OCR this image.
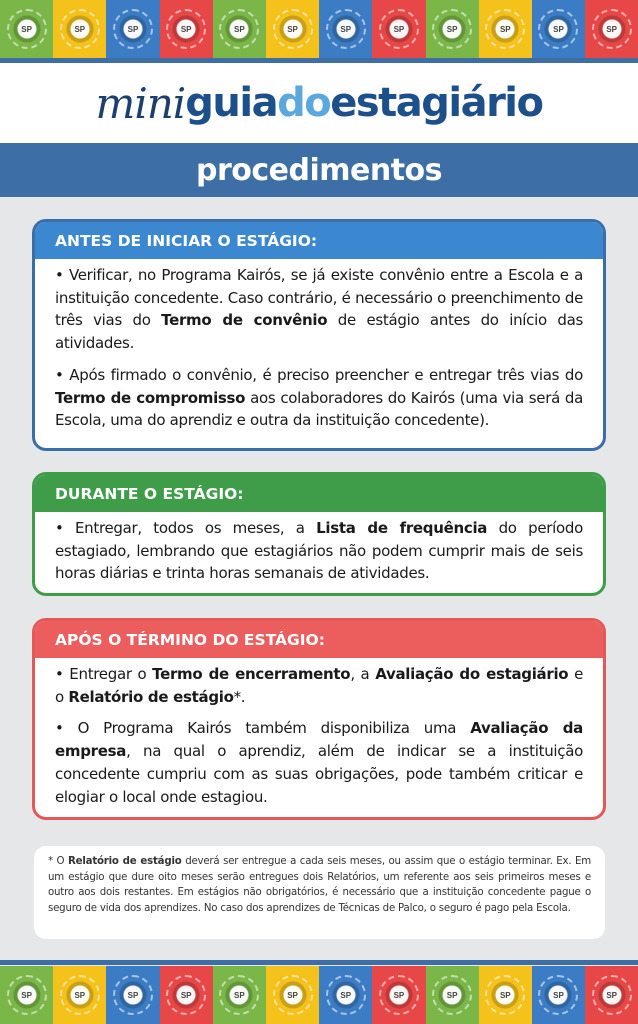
SP	SP	SP	SP	SP	SP	SP	SP	SP	SP	SP	SP
mini guia do estagiário
procedimentos
ANTES DE INICIAR O ESTÁGIO:

• Verificar, no Programa Kairós, se já existe convênio entre a Escola e a instituição concedente. Caso contrário, é necessário o preenchimento de três vias do Termo de convênio de estágio antes do início das atividades.

• Após firmado o convênio, é preciso preencher e entregar três vias do Termo de compromisso aos colaboradores do Kairós (uma via será da Escola, uma do aprendiz e outra da instituição concedente).

DURANTE O ESTÁGIO:

• Entregar, todos os meses, a Lista de frequência do período estagiado, lembrando que estagiários não podem cumprir mais de seis horas diárias e trinta horas semanais de atividades.

APÓS O TÉRMINO DO ESTÁGIO:

• Entregar o Termo de encerramento, a Avaliação do estagiário e o Relatório de estágio*.

• O Programa Kairós também disponibiliza uma Avaliação da empresa, na qual o aprendiz, além de indicar se a instituição concedente cumpriu com as suas obrigações, pode também criticar e elogiar o local onde estagiou.

* O Relatório de estágio deverá ser entregue a cada seis meses, ou assim que o estágio terminar. Ex. Em um estágio que dure oito meses serão entregues dois Relatórios, um referente aos seis primeiros meses e outro aos dois restantes. Em estágios não obrigatórios, é necessário que a instituição concedente pague o seguro de vida dos aprendizes. No caso dos aprendizes de Técnicas de Palco, o seguro é pago pela Escola.

SP	SP	SP	SP	SP	SP	SP	SP	SP	SP	SP	SP
